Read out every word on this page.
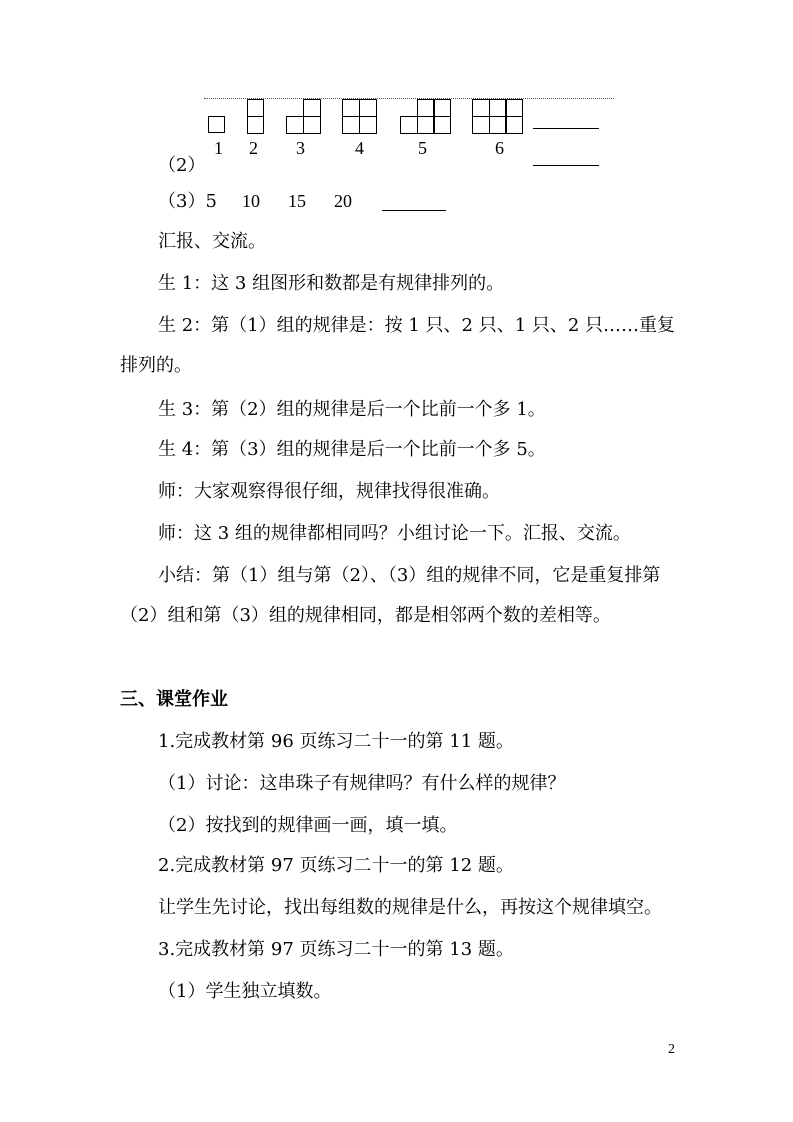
1 2 3	4	5	6
（2）
（3）5 10 15 20
汇报、交流。
生 1：这 3 组图形和数都是有规律排列的。
生 2：第（1）组的规律是：按 1 只、2 只、1 只、2 只……重复
排列的。
生 3：第（2）组的规律是后一个比前一个多 1。
生 4：第（3）组的规律是后一个比前一个多 5。
师：大家观察得很仔细，规律找得很准确。
师：这 3 组的规律都相同吗？小组讨论一下。汇报、交流。
小结：第（1）组与第（2）、（3）组的规律不同，它是重复排第
（2）组和第（3）组的规律相同，都是相邻两个数的差相等。
三、课堂作业
1.完成教材第 96 页练习二十一的第 11 题。
（1）讨论：这串珠子有规律吗？有什么样的规律？
（2）按找到的规律画一画，填一填。
2.完成教材第 97 页练习二十一的第 12 题。
让学生先讨论，找出每组数的规律是什么，再按这个规律填空。
3.完成教材第 97 页练习二十一的第 13 题。
（1）学生独立填数。
2
